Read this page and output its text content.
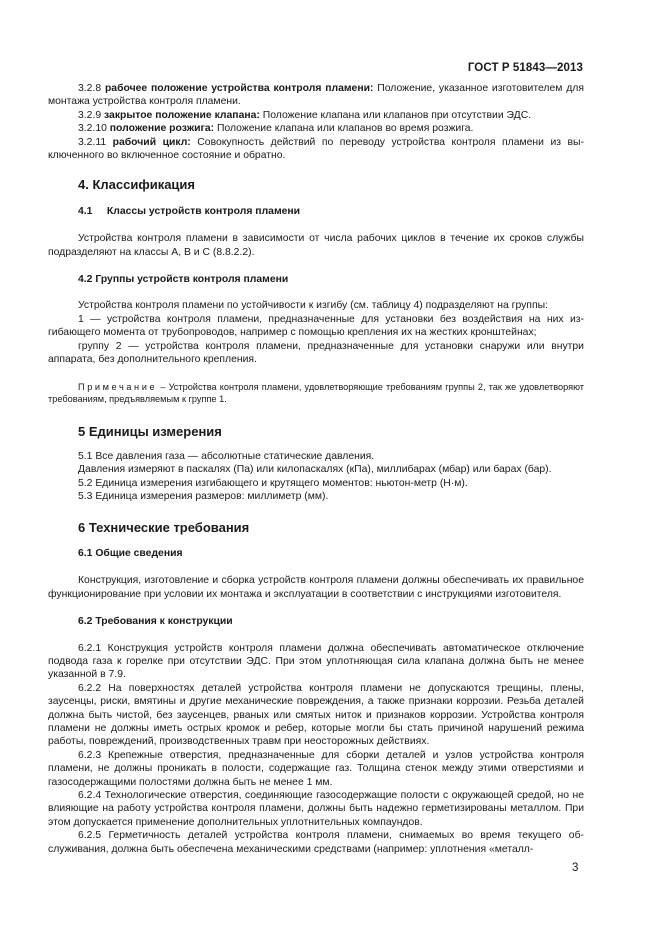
ГОСТ Р 51843—2013

3.2.8 рабочее положение устройства контроля пламени: Положение, указанное изготовителем для монтажа устройства контроля пламени.

3.2.9 закрытое положение клапана: Положение клапана или клапанов при отсутствии ЭДС.

3.2.10 положение розжига: Положение клапана или клапанов во время розжига.

3.2.11 рабочий цикл: Совокупность действий по переводу устройства контроля пламени из выключенного во включенное состояние и обратно.

4. Классификация

4.1     Классы устройств контроля пламени

Устройства контроля пламени в зависимости от числа рабочих циклов в течение их сроков службы подразделяют на классы А, В и С (8.8.2.2).

4.2 Группы устройств контроля пламени

Устройства контроля пламени по устойчивости к изгибу (см. таблицу 4) подразделяют на группы:

1 — устройства контроля пламени, предназначенные для установки без воздействия на них изгибающего момента от трубопроводов, например с помощью крепления их на жестких кронштейнах;

группу 2 — устройства контроля пламени, предназначенные для установки снаружи или внутри аппарата, без дополнительного крепления.

Примечание – Устройства контроля пламени, удовлетворяющие требованиям группы 2, так же удовлетворяют требованиям, предъявляемым к группе 1.

5 Единицы измерения

5.1 Все давления газа — абсолютные статические давления.

Давления измеряют в паскалях (Па) или килопаскалях (кПа), миллибарах (мбар) или барах (бар).

5.2 Единица измерения изгибающего и крутящего моментов: ньютон-метр (Н·м).

5.3 Единица измерения размеров: миллиметр (мм).

6 Технические требования

6.1 Общие сведения

Конструкция, изготовление и сборка устройств контроля пламени должны обеспечивать их правильное функционирование при условии их монтажа и эксплуатации в соответствии с инструкциями изготовителя.

6.2 Требования к конструкции

6.2.1 Конструкция устройств контроля пламени должна обеспечивать автоматическое отключение подвода газа к горелке при отсутствии ЭДС. При этом уплотняющая сила клапана должна быть не менее указанной в 7.9.

6.2.2 На поверхностях деталей устройства контроля пламени не допускаются трещины, плены, заусенцы, риски, вмятины и другие механические повреждения, а также признаки коррозии. Резьба деталей должна быть чистой, без заусенцев, рваных или смятых ниток и признаков коррозии. Устройства контроля пламени не должны иметь острых кромок и ребер, которые могли бы стать причиной нарушений режима работы, повреждений, производственных травм при неосторожных действиях.

6.2.3 Крепежные отверстия, предназначенные для сборки деталей и узлов устройства контроля пламени, не должны проникать в полости, содержащие газ. Толщина стенок между этими отверстиями и газосодержащими полостями должна быть не менее 1 мм.

6.2.4 Технологические отверстия, соединяющие газосодержащие полости с окружающей средой, но не влияющие на работу устройства контроля пламени, должны быть надежно герметизированы металлом. При этом допускается применение дополнительных уплотнительных компаундов.

6.2.5 Герметичность деталей устройства контроля пламени, снимаемых во время текущего обслуживания, должна быть обеспечена механическими средствами (например: уплотнения «металл-

3
